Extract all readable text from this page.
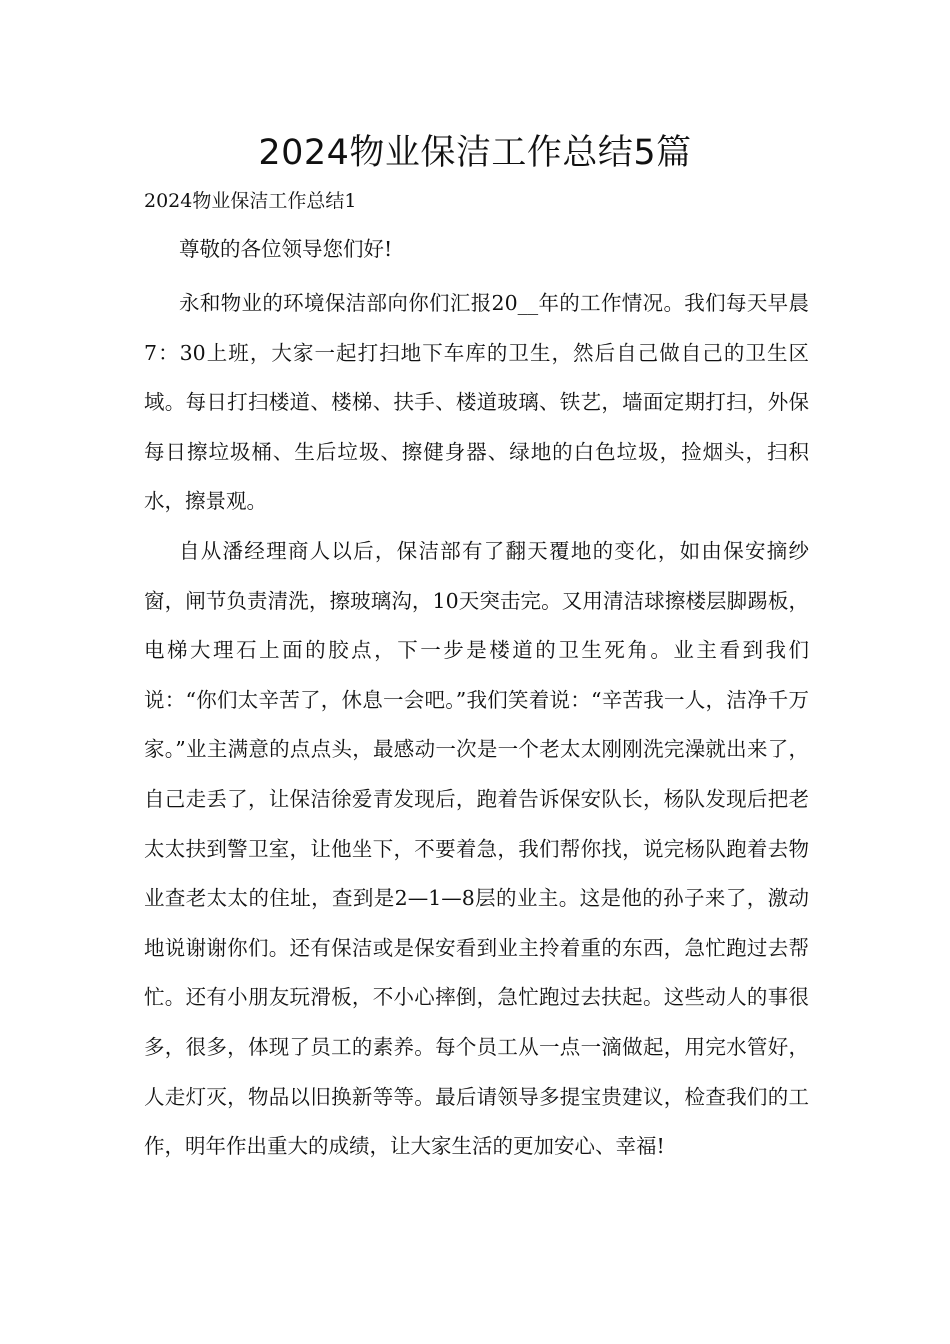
2024物业保洁工作总结5篇

2024物业保洁工作总结1

尊敬的各位领导您们好!

永和物业的环境保洁部向你们汇报20__年的工作情况。我们每天早晨7：30上班，大家一起打扫地下车库的卫生，然后自己做自己的卫生区域。每日打扫楼道、楼梯、扶手、楼道玻璃、铁艺，墙面定期打扫，外保每日擦垃圾桶、生后垃圾、擦健身器、绿地的白色垃圾，捡烟头，扫积水，擦景观。

自从潘经理商人以后，保洁部有了翻天覆地的变化，如由保安摘纱窗，闸节负责清洗，擦玻璃沟，10天突击完。又用清洁球擦楼层脚踢板，电梯大理石上面的胶点，下一步是楼道的卫生死角。业主看到我们说：“你们太辛苦了，休息一会吧。”我们笑着说：“辛苦我一人，洁净千万家。”业主满意的点点头，最感动一次是一个老太太刚刚洗完澡就出来了，自己走丢了，让保洁徐爱青发现后，跑着告诉保安队长，杨队发现后把老太太扶到警卫室，让他坐下，不要着急，我们帮你找，说完杨队跑着去物业查老太太的住址，查到是2—1—8层的业主。这是他的孙子来了，激动地说谢谢你们。还有保洁或是保安看到业主拎着重的东西，急忙跑过去帮忙。还有小朋友玩滑板，不小心摔倒，急忙跑过去扶起。这些动人的事很多，很多，体现了员工的素养。每个员工从一点一滴做起，用完水管好，人走灯灭，物品以旧换新等等。最后请领导多提宝贵建议，检查我们的工作，明年作出重大的成绩，让大家生活的更加安心、幸福!
